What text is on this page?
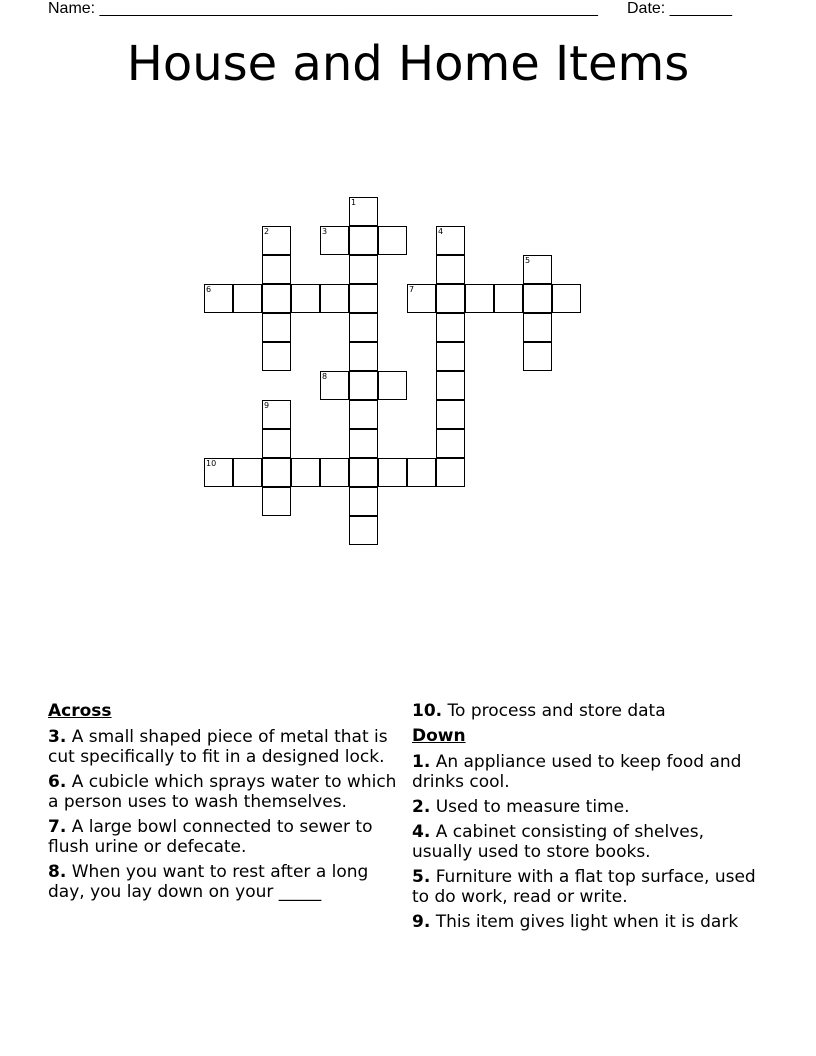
Name: ________________________________________________________ Date: _______
House and Home Items
1
2	3	4
5
6	7
8
9
10
Across
3. A small shaped piece of metal that is cut specifically to fit in a designed lock.
6. A cubicle which sprays water to which a person uses to wash themselves.
7. A large bowl connected to sewer to flush urine or defecate.
8. When you want to rest after a long day, you lay down on your _____
10. To process and store data
Down
1. An appliance used to keep food and drinks cool.
2. Used to measure time.
4. A cabinet consisting of shelves, usually used to store books.
5. Furniture with a flat top surface, used to do work, read or write.
9. This item gives light when it is dark
